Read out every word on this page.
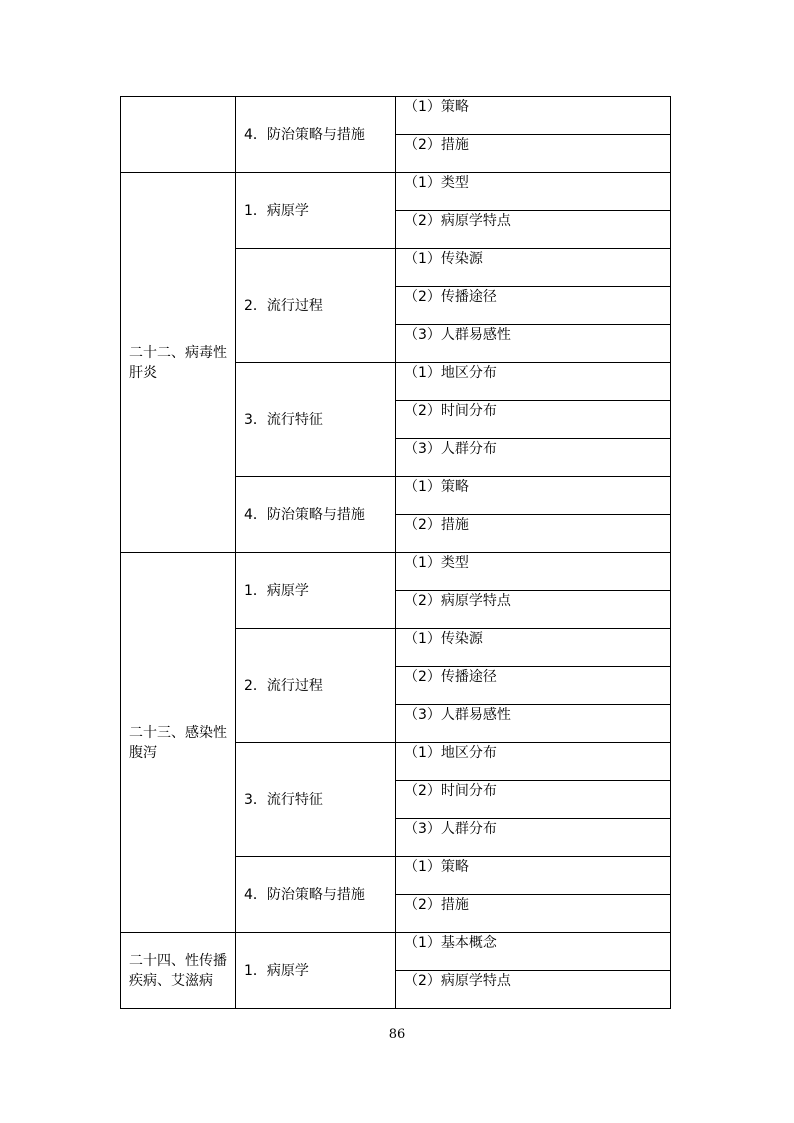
	4．防治策略与措施	（1）策略
		（2）措施
二十二、病毒性肝炎	1．病原学	（1）类型
		（2）病原学特点
	2．流行过程	（1）传染源
		（2）传播途径
		（3）人群易感性
	3．流行特征	（1）地区分布
		（2）时间分布
		（3）人群分布
	4．防治策略与措施	（1）策略
		（2）措施
二十三、感染性腹泻	1．病原学	（1）类型
		（2）病原学特点
	2．流行过程	（1）传染源
		（2）传播途径
		（3）人群易感性
	3．流行特征	（1）地区分布
		（2）时间分布
		（3）人群分布
	4．防治策略与措施	（1）策略
		（2）措施
二十四、性传播疾病、艾滋病	1．病原学	（1）基本概念
		（2）病原学特点
86
